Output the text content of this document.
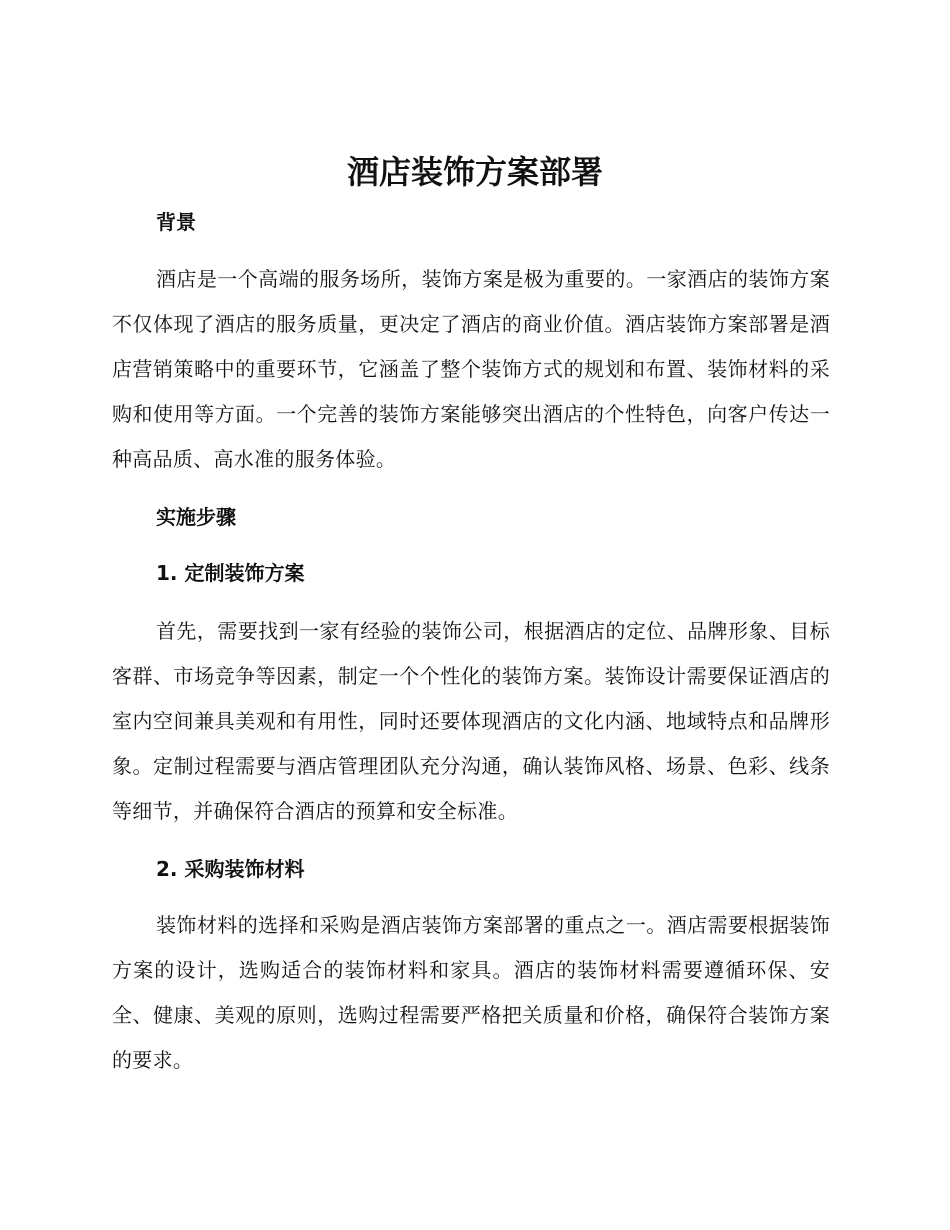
酒店装饰方案部署
背景

酒店是一个高端的服务场所，装饰方案是极为重要的。一家酒店的装饰方案不仅体现了酒店的服务质量，更决定了酒店的商业价值。酒店装饰方案部署是酒店营销策略中的重要环节，它涵盖了整个装饰方式的规划和布置、装饰材料的采购和使用等方面。一个完善的装饰方案能够突出酒店的个性特色，向客户传达一种高品质、高水准的服务体验。

实施步骤
1. 定制装饰方案

首先，需要找到一家有经验的装饰公司，根据酒店的定位、品牌形象、目标客群、市场竞争等因素，制定一个个性化的装饰方案。装饰设计需要保证酒店的室内空间兼具美观和有用性，同时还要体现酒店的文化内涵、地域特点和品牌形象。定制过程需要与酒店管理团队充分沟通，确认装饰风格、场景、色彩、线条等细节，并确保符合酒店的预算和安全标准。

2. 采购装饰材料

装饰材料的选择和采购是酒店装饰方案部署的重点之一。酒店需要根据装饰方案的设计，选购适合的装饰材料和家具。酒店的装饰材料需要遵循环保、安全、健康、美观的原则，选购过程需要严格把关质量和价格，确保符合装饰方案的要求。
